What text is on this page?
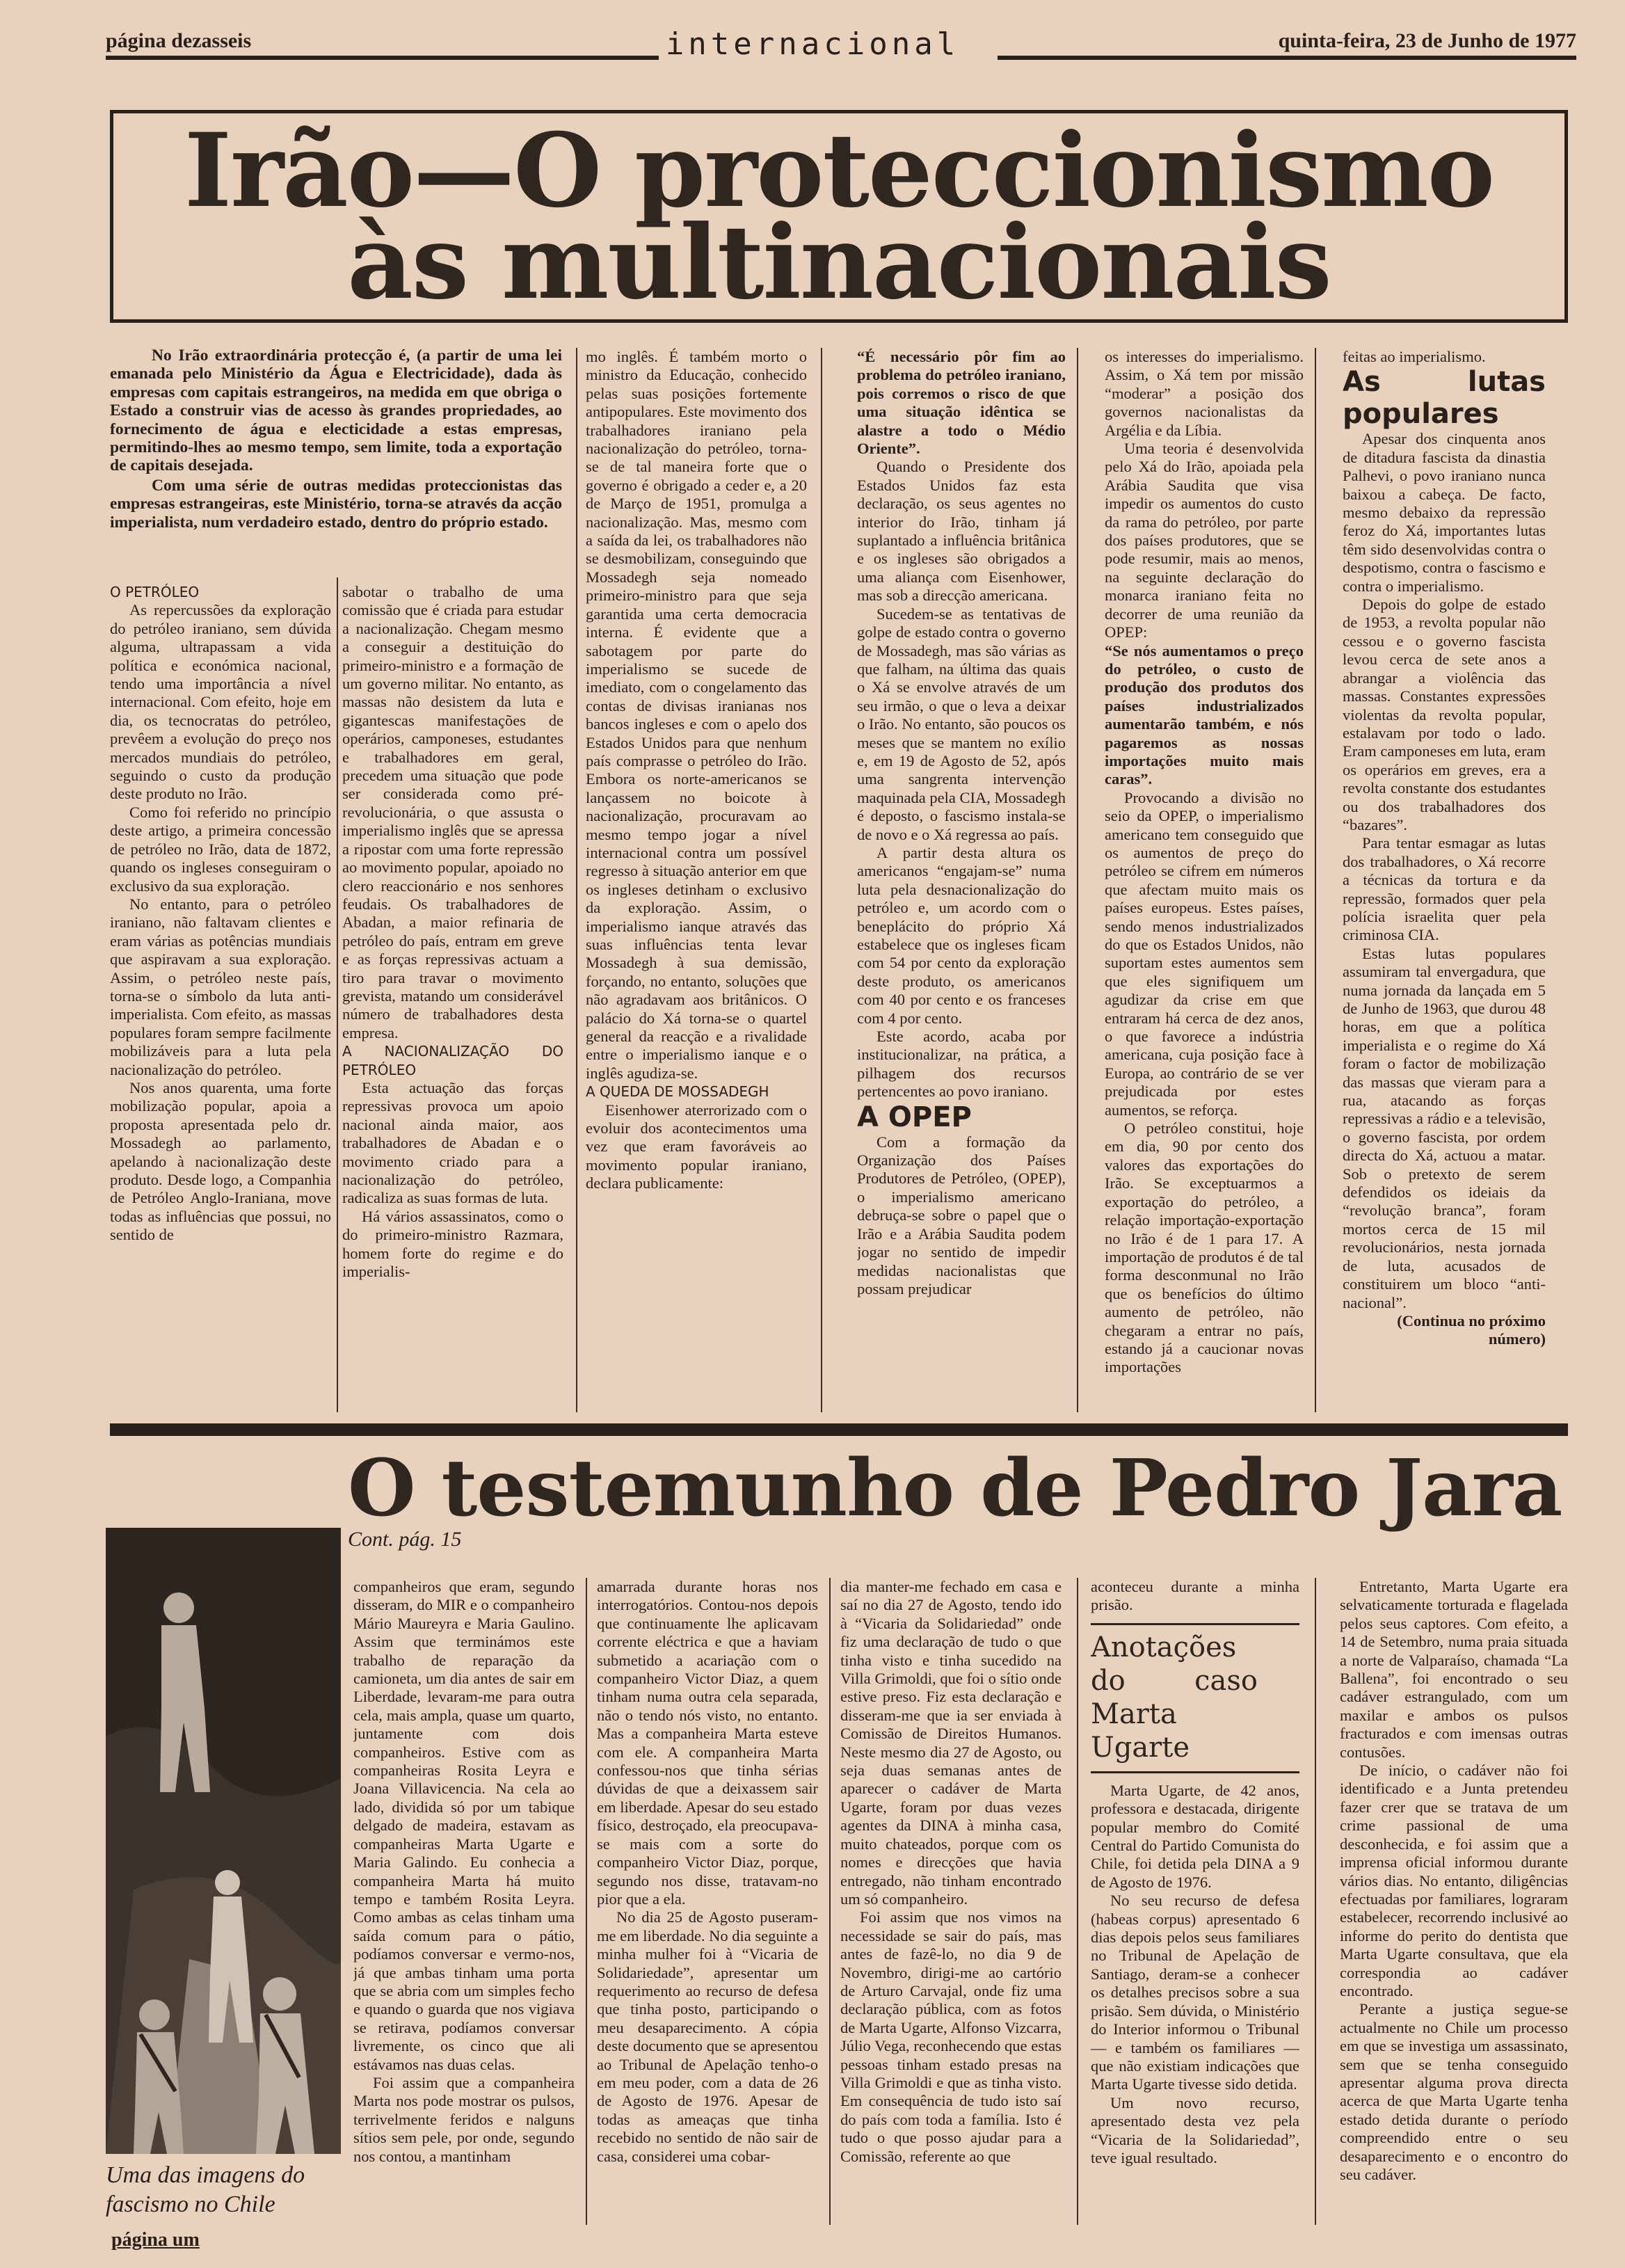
página dezasseis	internacional	quinta-feira, 23 de Junho de 1977
Irão—O proteccionismo
às multinacionais

No Irão extraordinária protecção é, (a partir de uma lei emanada pelo Ministério da Água e Electricidade), dada às empresas com capitais estrangeiros, na medida em que obriga o Estado a construir vias de acesso às grandes propriedades, ao fornecimento de água e electicidade a estas empresas, permitindo-lhes ao mesmo tempo, sem limite, toda a exportação de capitais desejada.

Com uma série de outras medidas proteccionistas das empresas estrangeiras, este Ministério, torna-se através da acção imperialista, num verdadeiro estado, dentro do próprio estado.

O PETRÓLEO

As repercussões da exploração do petróleo iraniano, sem dúvida alguma, ultrapassam a vida política e económica nacional, tendo uma importância a nível internacional. Com efeito, hoje em dia, os tecnocratas do petróleo, prevêem a evolução do preço nos mercados mundiais do petróleo, seguindo o custo da produção deste produto no Irão.

Como foi referido no princípio deste artigo, a primeira concessão de petróleo no Irão, data de 1872, quando os ingleses conseguiram o exclusivo da sua exploração.

No entanto, para o petróleo iraniano, não faltavam clientes e eram várias as potências mundiais que aspiravam a sua exploração. Assim, o petróleo neste país, torna-se o símbolo da luta anti-imperialista. Com efeito, as massas populares foram sempre facilmente mobilizáveis para a luta pela nacionalização do petróleo.

Nos anos quarenta, uma forte mobilização popular, apoia a proposta apresentada pelo dr. Mossadegh ao parlamento, apelando à nacionalização deste produto. Desde logo, a Companhia de Petróleo Anglo-Iraniana, move todas as influências que possui, no sentido de

sabotar o trabalho de uma comissão que é criada para estudar a nacionalização. Chegam mesmo a conseguir a destituição do primeiro-ministro e a formação de um governo militar. No entanto, as massas não desistem da luta e gigantescas manifestações de operários, camponeses, estudantes e trabalhadores em geral, precedem uma situação que pode ser considerada como pré-revolucionária, o que assusta o imperialismo inglês que se apressa a ripostar com uma forte repressão ao movimento popular, apoiado no clero reaccionário e nos senhores feudais. Os trabalhadores de Abadan, a maior refinaria de petróleo do país, entram em greve e as forças repressivas actuam a tiro para travar o movimento grevista, matando um considerável número de trabalhadores desta empresa.

A NACIONALIZAÇÃO DO PETRÓLEO

Esta actuação das forças repressivas provoca um apoio nacional ainda maior, aos trabalhadores de Abadan e o movimento criado para a nacionalização do petróleo, radicaliza as suas formas de luta.

Há vários assassinatos, como o do primeiro-ministro Razmara, homem forte do regime e do imperialis-

mo inglês. É também morto o ministro da Educação, conhecido pelas suas posições fortemente antipopulares. Este movimento dos trabalhadores iraniano pela nacionalização do petróleo, torna-se de tal maneira forte que o governo é obrigado a ceder e, a 20 de Março de 1951, promulga a nacionalização. Mas, mesmo com a saída da lei, os trabalhadores não se desmobilizam, conseguindo que Mossadegh seja nomeado primeiro-ministro para que seja garantida uma certa democracia interna. É evidente que a sabotagem por parte do imperialismo se sucede de imediato, com o congelamento das contas de divisas iranianas nos bancos ingleses e com o apelo dos Estados Unidos para que nenhum país comprasse o petróleo do Irão. Embora os norte-americanos se lançassem no boicote à nacionalização, procuravam ao mesmo tempo jogar a nível internacional contra um possível regresso à situação anterior em que os ingleses detinham o exclusivo da exploração. Assim, o imperialismo ianque através das suas influências tenta levar Mossadegh à sua demissão, forçando, no entanto, soluções que não agradavam aos britânicos. O palácio do Xá torna-se o quartel general da reacção e a rivalidade entre o imperialismo ianque e o inglês agudiza-se.

A QUEDA DE MOSSADEGH

Eisenhower aterrorizado com o evoluir dos acontecimentos uma vez que eram favoráveis ao movimento popular iraniano, declara publicamente:

“É necessário pôr fim ao problema do petróleo iraniano, pois corremos o risco de que uma situação idêntica se alastre a todo o Médio Oriente”.

Quando o Presidente dos Estados Unidos faz esta declaração, os seus agentes no interior do Irão, tinham já suplantado a influência britânica e os ingleses são obrigados a uma aliança com Eisenhower, mas sob a direcção americana.

Sucedem-se as tentativas de golpe de estado contra o governo de Mossadegh, mas são várias as que falham, na última das quais o Xá se envolve através de um seu irmão, o que o leva a deixar o Irão. No entanto, são poucos os meses que se mantem no exílio e, em 19 de Agosto de 52, após uma sangrenta intervenção maquinada pela CIA, Mossadegh é deposto, o fascismo instala-se de novo e o Xá regressa ao país.

A partir desta altura os americanos “engajam-se” numa luta pela desnacionalização do petróleo e, um acordo com o beneplácito do próprio Xá estabelece que os ingleses ficam com 54 por cento da exploração deste produto, os americanos com 40 por cento e os franceses com 4 por cento.

Este acordo, acaba por institucionalizar, na prática, a pilhagem dos recursos pertencentes ao povo iraniano.

A OPEP

Com a formação da Organização dos Países Produtores de Petróleo, (OPEP), o imperialismo americano debruça-se sobre o papel que o Irão e a Arábia Saudita podem jogar no sentido de impedir medidas nacionalistas que possam prejudicar

os interesses do imperialismo. Assim, o Xá tem por missão “moderar” a posição dos governos nacionalistas da Argélia e da Líbia.

Uma teoria é desenvolvida pelo Xá do Irão, apoiada pela Arábia Saudita que visa impedir os aumentos do custo da rama do petróleo, por parte dos países produtores, que se pode resumir, mais ao menos, na seguinte declaração do monarca iraniano feita no decorrer de uma reunião da OPEP:

“Se nós aumentamos o preço do petróleo, o custo de produção dos produtos dos países industrializados aumentarão também, e nós pagaremos as nossas importações muito mais caras”.

Provocando a divisão no seio da OPEP, o imperialismo americano tem conseguido que os aumentos de preço do petróleo se cifrem em números que afectam muito mais os países europeus. Estes países, sendo menos industrializados do que os Estados Unidos, não suportam estes aumentos sem que eles signifiquem um agudizar da crise em que entraram há cerca de dez anos, o que favorece a indústria americana, cuja posição face à Europa, ao contrário de se ver prejudicada por estes aumentos, se reforça.

O petróleo constitui, hoje em dia, 90 por cento dos valores das exportações do Irão. Se exceptuarmos a exportação do petróleo, a relação importação-exportação no Irão é de 1 para 17. A importação de produtos é de tal forma desconmunal no Irão que os benefícios do último aumento de petróleo, não chegaram a entrar no país, estando já a caucionar novas importações

feitas ao imperialismo.

As lutas populares

Apesar dos cinquenta anos de ditadura fascista da dinastia Palhevi, o povo iraniano nunca baixou a cabeça. De facto, mesmo debaixo da repressão feroz do Xá, importantes lutas têm sido desenvolvidas contra o despotismo, contra o fascismo e contra o imperialismo.

Depois do golpe de estado de 1953, a revolta popular não cessou e o governo fascista levou cerca de sete anos a abrangar a violência das massas. Constantes expressões violentas da revolta popular, estalavam por todo o lado. Eram camponeses em luta, eram os operários em greves, era a revolta constante dos estudantes ou dos trabalhadores dos “bazares”.

Para tentar esmagar as lutas dos trabalhadores, o Xá recorre a técnicas da tortura e da repressão, formados quer pela polícia israelita quer pela criminosa CIA.

Estas lutas populares assumiram tal envergadura, que numa jornada da lançada em 5 de Junho de 1963, que durou 48 horas, em que a política imperialista e o regime do Xá foram o factor de mobilização das massas que vieram para a rua, atacando as forças repressivas a rádio e a televisão, o governo fascista, por ordem directa do Xá, actuou a matar. Sob o pretexto de serem defendidos os ideiais da “revolução branca”, foram mortos cerca de 15 mil revolucionários, nesta jornada de luta, acusados de constituirem um bloco “anti-nacional”.

(Continua no próximo número)

O testemunho de Pedro Jara
Cont. pág. 15
Uma das imagens do fascismo no Chile

companheiros que eram, segundo disseram, do MIR e o companheiro Mário Maureyra e Maria Gaulino. Assim que terminámos este trabalho de reparação da camioneta, um dia antes de sair em Liberdade, levaram-me para outra cela, mais ampla, quase um quarto, juntamente com dois companheiros. Estive com as companheiras Rosita Leyra e Joana Villavicencia. Na cela ao lado, dividida só por um tabique delgado de madeira, estavam as companheiras Marta Ugarte e Maria Galindo. Eu conhecia a companheira Marta há muito tempo e também Rosita Leyra. Como ambas as celas tinham uma saída comum para o pátio, podíamos conversar e vermo-nos, já que ambas tinham uma porta que se abria com um simples fecho e quando o guarda que nos vigiava se retirava, podíamos conversar livremente, os cinco que ali estávamos nas duas celas.

Foi assim que a companheira Marta nos pode mostrar os pulsos, terrivelmente feridos e nalguns sítios sem pele, por onde, segundo nos contou, a mantinham

amarrada durante horas nos interrogatórios. Contou-nos depois que continuamente lhe aplicavam corrente eléctrica e que a haviam submetido a acariação com o companheiro Victor Diaz, a quem tinham numa outra cela separada, não o tendo nós visto, no entanto. Mas a companheira Marta esteve com ele. A companheira Marta confessou-nos que tinha sérias dúvidas de que a deixassem sair em liberdade. Apesar do seu estado físico, destroçado, ela preocupava-se mais com a sorte do companheiro Victor Diaz, porque, segundo nos disse, tratavam-no pior que a ela.

No dia 25 de Agosto puseram-me em liberdade. No dia seguinte a minha mulher foi à “Vicaria de Solidariedade”, apresentar um requerimento ao recurso de defesa que tinha posto, participando o meu desaparecimento. A cópia deste documento que se apresentou ao Tribunal de Apelação tenho-o em meu poder, com a data de 26 de Agosto de 1976. Apesar de todas as ameaças que tinha recebido no sentido de não sair de casa, considerei uma cobar-

dia manter-me fechado em casa e saí no dia 27 de Agosto, tendo ido à “Vicaria da Solidariedad” onde fiz uma declaração de tudo o que tinha visto e tinha sucedido na Villa Grimoldi, que foi o sítio onde estive preso. Fiz esta declaração e disseram-me que ia ser enviada à Comissão de Direitos Humanos. Neste mesmo dia 27 de Agosto, ou seja duas semanas antes de aparecer o cadáver de Marta Ugarte, foram por duas vezes agentes da DINA à minha casa, muito chateados, porque com os nomes e direcções que havia entregado, não tinham encontrado um só companheiro.

Foi assim que nos vimos na necessidade se sair do país, mas antes de fazê-lo, no dia 9 de Novembro, dirigi-me ao cartório de Arturo Carvajal, onde fiz uma declaração pública, com as fotos de Marta Ugarte, Alfonso Vizcarra, Júlio Vega, reconhecendo que estas pessoas tinham estado presas na Villa Grimoldi e que as tinha visto. Em consequência de tudo isto saí do país com toda a família. Isto é tudo o que posso ajudar para a Comissão, referente ao que

aconteceu durante a minha prisão.

Anotações do caso Marta Ugarte

Marta Ugarte, de 42 anos, professora e destacada, dirigente popular membro do Comité Central do Partido Comunista do Chile, foi detida pela DINA a 9 de Agosto de 1976.

No seu recurso de defesa (habeas corpus) apresentado 6 dias depois pelos seus familiares no Tribunal de Apelação de Santiago, deram-se a conhecer os detalhes precisos sobre a sua prisão. Sem dúvida, o Ministério do Interior informou o Tribunal — e também os familiares — que não existiam indicações que Marta Ugarte tivesse sido detida.

Um novo recurso, apresentado desta vez pela “Vicaria de la Solidariedad”, teve igual resultado.

Entretanto, Marta Ugarte era selvaticamente torturada e flagelada pelos seus captores. Com efeito, a 14 de Setembro, numa praia situada a norte de Valparaíso, chamada “La Ballena”, foi encontrado o seu cadáver estrangulado, com um maxilar e ambos os pulsos fracturados e com imensas outras contusões.

De início, o cadáver não foi identificado e a Junta pretendeu fazer crer que se tratava de um crime passional de uma desconhecida, e foi assim que a imprensa oficial informou durante vários dias. No entanto, diligências efectuadas por familiares, lograram estabelecer, recorrendo inclusivé ao informe do perito do dentista que Marta Ugarte consultava, que ela correspondia ao cadáver encontrado.

Perante a justiça segue-se actualmente no Chile um processo em que se investiga um assassinato, sem que se tenha conseguido apresentar alguma prova directa acerca de que Marta Ugarte tenha estado detida durante o período compreendido entre o seu desaparecimento e o encontro do seu cadáver.

página um
